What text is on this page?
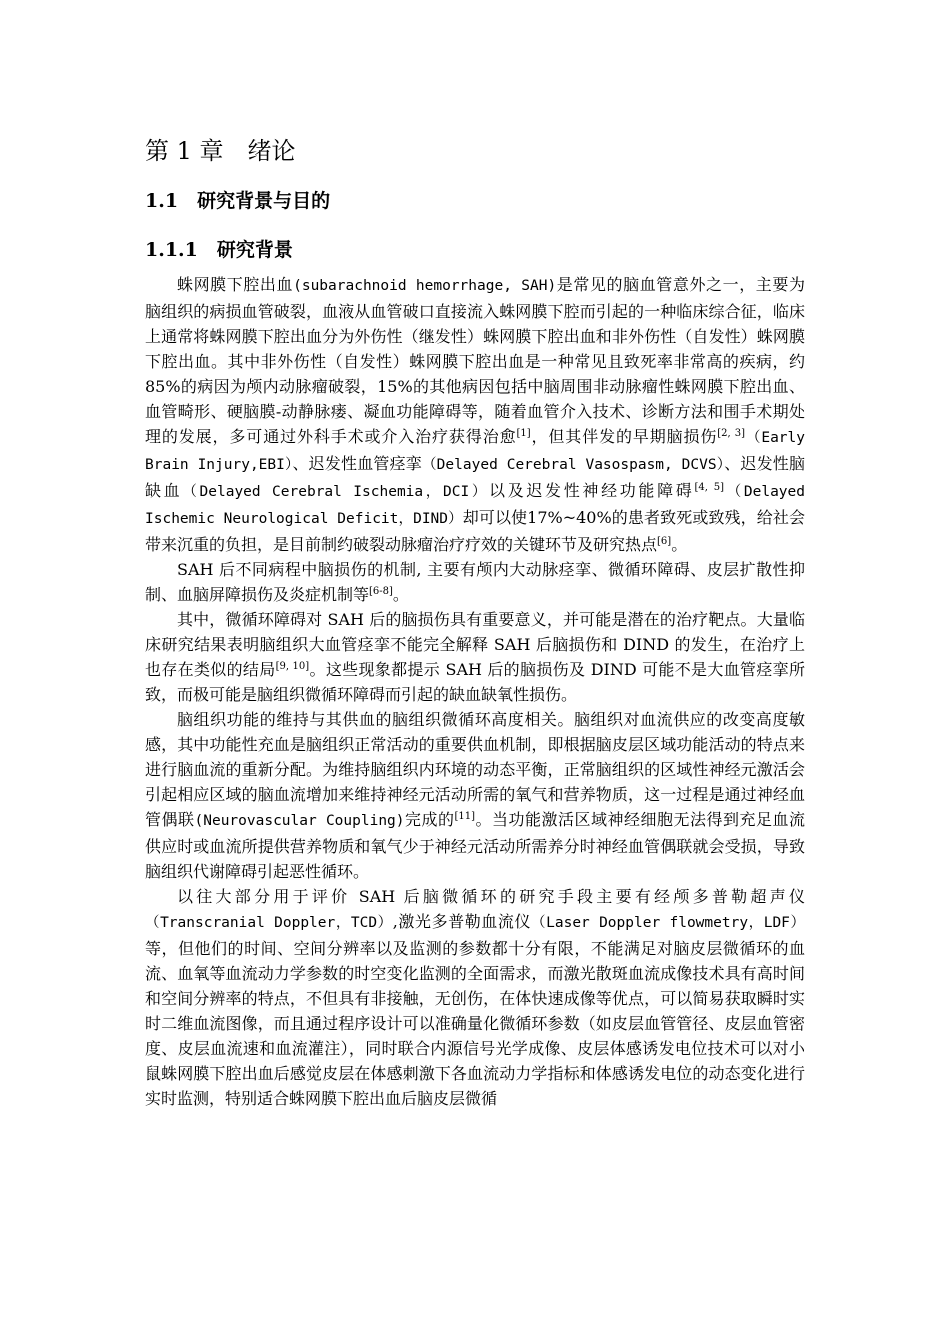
第 1 章　绪论
1.1　 研究背景与目的
1.1.1　 研究背景

蛛网膜下腔出血(subarachnoid hemorrhage, SAH)是常见的脑血管意外之一，主要为脑组织的病损血管破裂，血液从血管破口直接流入蛛网膜下腔而引起的一种临床综合征，临床上通常将蛛网膜下腔出血分为外伤性（继发性）蛛网膜下腔出血和非外伤性（自发性）蛛网膜下腔出血。其中非外伤性（自发性）蛛网膜下腔出血是一种常见且致死率非常高的疾病，约85%的病因为颅内动脉瘤破裂，15%的其他病因包括中脑周围非动脉瘤性蛛网膜下腔出血、血管畸形、硬脑膜-动静脉瘘、凝血功能障碍等，随着血管介入技术、诊断方法和围手术期处理的发展，多可通过外科手术或介入治疗获得治愈[1]，但其伴发的早期脑损伤[2, 3]（Early Brain Injury,EBI）、迟发性血管痉挛（Delayed Cerebral Vasospasm, DCVS）、迟发性脑缺血（Delayed Cerebral Ischemia，DCI）以及迟发性神经功能障碍[4, 5]（Delayed Ischemic Neurological Deficit，DIND）却可以使17%~40%的患者致死或致残，给社会带来沉重的负担，是目前制约破裂动脉瘤治疗疗效的关键环节及研究热点[6]。

SAH 后不同病程中脑损伤的机制, 主要有颅内大动脉痉挛、微循环障碍、皮层扩散性抑制、血脑屏障损伤及炎症机制等[6-8]。

其中，微循环障碍对 SAH 后的脑损伤具有重要意义，并可能是潜在的治疗靶点。大量临床研究结果表明脑组织大血管痉挛不能完全解释 SAH 后脑损伤和 DIND 的发生，在治疗上也存在类似的结局[9, 10]。这些现象都提示 SAH 后的脑损伤及 DIND 可能不是大血管痉挛所致，而极可能是脑组织微循环障碍而引起的缺血缺氧性损伤。

脑组织功能的维持与其供血的脑组织微循环高度相关。脑组织对血流供应的改变高度敏感，其中功能性充血是脑组织正常活动的重要供血机制，即根据脑皮层区域功能活动的特点来进行脑血流的重新分配。为维持脑组织内环境的动态平衡，正常脑组织的区域性神经元激活会引起相应区域的脑血流增加来维持神经元活动所需的氧气和营养物质，这一过程是通过神经血管偶联(Neurovascular Coupling)完成的[11]。当功能激活区域神经细胞无法得到充足血流供应时或血流所提供营养物质和氧气少于神经元活动所需养分时神经血管偶联就会受损，导致脑组织代谢障碍引起恶性循环。

以往大部分用于评价 SAH 后脑微循环的研究手段主要有经颅多普勒超声仪（Transcranial Doppler，TCD）,激光多普勒血流仪（Laser Doppler flowmetry，LDF）等，但他们的时间、空间分辨率以及监测的参数都十分有限，不能满足对脑皮层微循环的血流、血氧等血流动力学参数的时空变化监测的全面需求，而激光散斑血流成像技术具有高时间和空间分辨率的特点，不但具有非接触，无创伤，在体快速成像等优点，可以简易获取瞬时实时二维血流图像，而且通过程序设计可以准确量化微循环参数（如皮层血管管径、皮层血管密度、皮层血流速和血流灌注），同时联合内源信号光学成像、皮层体感诱发电位技术可以对小鼠蛛网膜下腔出血后感觉皮层在体感刺激下各血流动力学指标和体感诱发电位的动态变化进行实时监测，特别适合蛛网膜下腔出血后脑皮层微循
